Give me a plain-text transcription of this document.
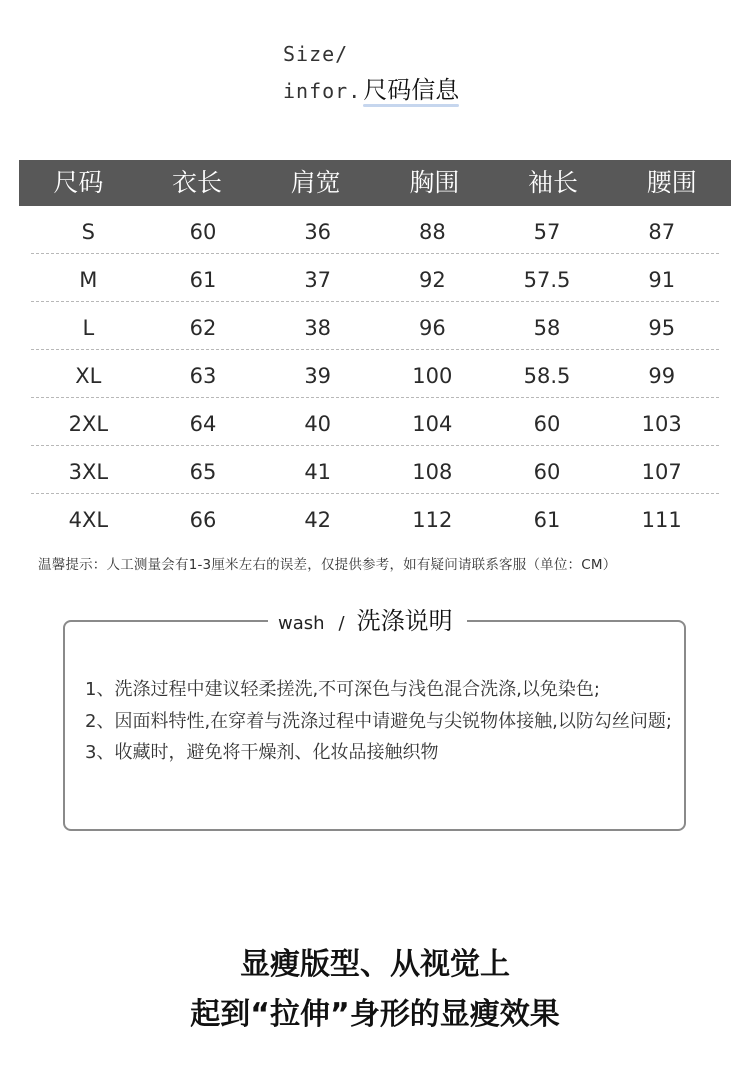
Size/
infor.尺码信息
尺码	衣长	肩宽	胸围	袖长	腰围
S	60	36	88	57	87
M	61	37	92	57.5	91
L	62	38	96	58	95
XL	63	39	100	58.5	99
2XL	64	40	104	60	103
3XL	65	41	108	60	107
4XL	66	42	112	61	111
温馨提示：人工测量会有1-3厘米左右的误差，仅提供参考，如有疑问请联系客服（单位：CM）
wash / 洗涤说明
1、 洗涤过程中建议轻柔搓洗,不可深色与浅色混合洗涤,以免染色;
2、 因面料特性,在穿着与洗涤过程中请避免与尖锐物体接触,以防勾丝问题;
3、 收藏时，避免将干燥剂、化妆品接触织物
显瘦版型、从视觉上
起到“拉伸”身形的显瘦效果
